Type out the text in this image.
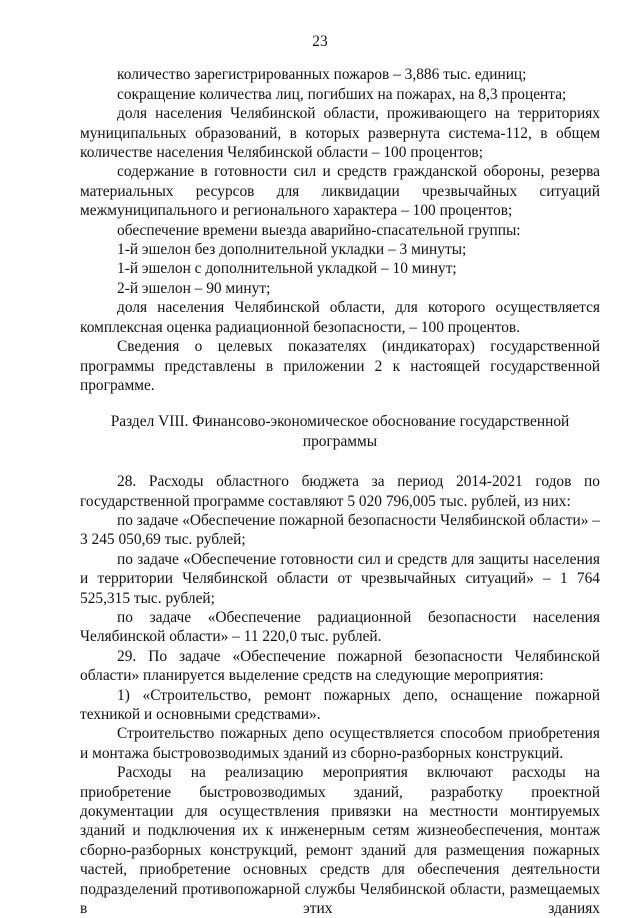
23

количество зарегистрированных пожаров – 3,886 тыс. единиц;

сокращение количества лиц, погибших на пожарах, на 8,3 процента;

доля населения Челябинской области, проживающего на территориях муниципальных образований, в которых развернута система-112, в общем количестве населения Челябинской области – 100 процентов;

содержание в готовности сил и средств гражданской обороны, резерва материальных ресурсов для ликвидации чрезвычайных ситуаций межмуниципального и регионального характера – 100 процентов;

обеспечение времени выезда аварийно-спасательной группы:

1-й эшелон без дополнительной укладки – 3 минуты;

1-й эшелон с дополнительной укладкой – 10 минут;

2-й эшелон – 90 минут;

доля населения Челябинской области, для которого осуществляется комплексная оценка радиационной безопасности, – 100 процентов.

Сведения о целевых показателях (индикаторах) государственной программы представлены в приложении 2 к настоящей государственной программе.

Раздел VIII. Финансово-экономическое обоснование государственной программы

28. Расходы областного бюджета за период 2014-2021 годов по государственной программе составляют 5 020 796,005 тыс. рублей, из них:

по задаче «Обеспечение пожарной безопасности Челябинской области» – 3 245 050,69 тыс. рублей;

по задаче «Обеспечение готовности сил и средств для защиты населения и территории Челябинской области от чрезвычайных ситуаций» – 1 764 525,315 тыс. рублей;

по задаче «Обеспечение радиационной безопасности населения Челябинской области» – 11 220,0 тыс. рублей.

29. По задаче «Обеспечение пожарной безопасности Челябинской области» планируется выделение средств на следующие мероприятия:

1) «Строительство, ремонт пожарных депо, оснащение пожарной техникой и основными средствами».

Строительство пожарных депо осуществляется способом приобретения и монтажа быстровозводимых зданий из сборно-разборных конструкций.

Расходы на реализацию мероприятия включают расходы на приобретение быстровозводимых зданий, разработку проектной документации для осуществления привязки на местности монтируемых зданий и подключения их к инженерным сетям жизнеобеспечения, монтаж сборно-разборных конструкций, ремонт зданий для размещения пожарных частей, приобретение основных средств для обеспечения деятельности подразделений противопожарной службы Челябинской области, размещаемых в этих зданиях
